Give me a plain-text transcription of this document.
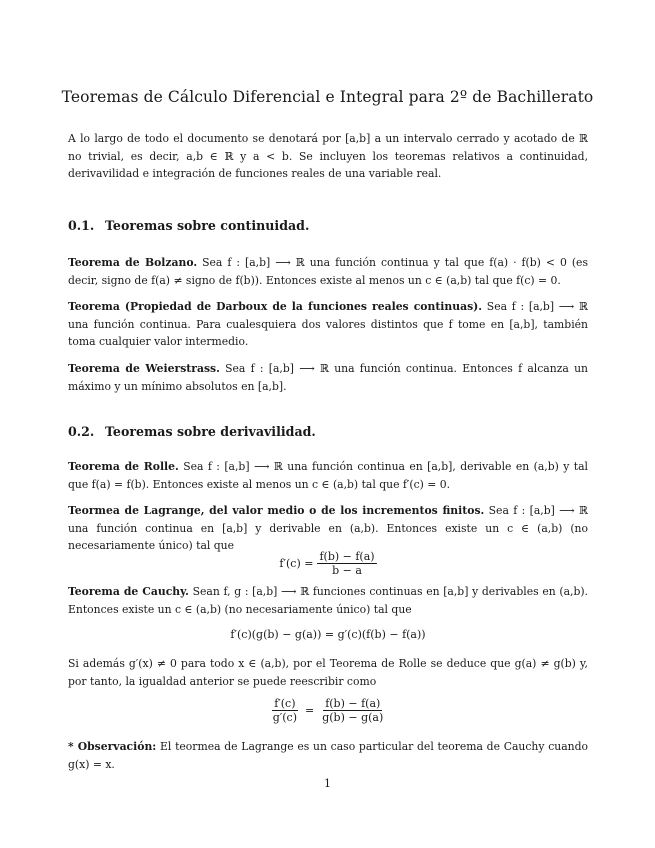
Teoremas de Cálculo Diferencial e Integral para 2º de Bachillerato
A lo largo de todo el documento se denotará por [a,b] a un intervalo cerrado y acotado de ℝ no trivial, es decir, a,b ∈ ℝ y a < b. Se incluyen los teoremas relativos a continuidad, derivavilidad e integración de funciones reales de una variable real.
0.1. Teoremas sobre continuidad.
Teorema de Bolzano. Sea f : [a,b] ⟶ ℝ una función continua y tal que f(a) · f(b) < 0 (es decir, signo de f(a) ≠ signo de f(b)). Entonces existe al menos un c ∈ (a,b) tal que f(c) = 0.
Teorema (Propiedad de Darboux de la funciones reales continuas). Sea f : [a,b] ⟶ ℝ una función continua. Para cualesquiera dos valores distintos que f tome en [a,b], también toma cualquier valor intermedio.
Teorema de Weierstrass. Sea f : [a,b] ⟶ ℝ una función continua. Entonces f alcanza un máximo y un mínimo absolutos en [a,b].
0.2. Teoremas sobre derivavilidad.
Teorema de Rolle. Sea f : [a,b] ⟶ ℝ una función continua en [a,b], derivable en (a,b) y tal que f(a) = f(b). Entonces existe al menos un c ∈ (a,b) tal que f′(c) = 0.
Teormea de Lagrange, del valor medio o de los incrementos finitos. Sea f : [a,b] ⟶ ℝ una función continua en [a,b] y derivable en (a,b). Entonces existe un c ∈ (a,b) (no necesariamente único) tal que
$f'(c) = \frac{f(b) - f(a)}{b - a}$
Teorema de Cauchy. Sean f, g : [a,b] ⟶ ℝ funciones continuas en [a,b] y derivables en (a,b). Entonces existe un c ∈ (a,b) (no necesariamente único) tal que
f′(c)(g(b) − g(a)) = g′(c)(f(b) − f(a))
Si además g′(x) ≠ 0 para todo x ∈ (a,b), por el Teorema de Rolle se deduce que g(a) ≠ g(b) y, por tanto, la igualdad anterior se puede reescribir como
$\frac{f'(c)}{g'(c)} = \frac{f(b) - f(a)}{g(b) - g(a)}$
* Observación: El teormea de Lagrange es un caso particular del teorema de Cauchy cuando g(x) = x.
1
